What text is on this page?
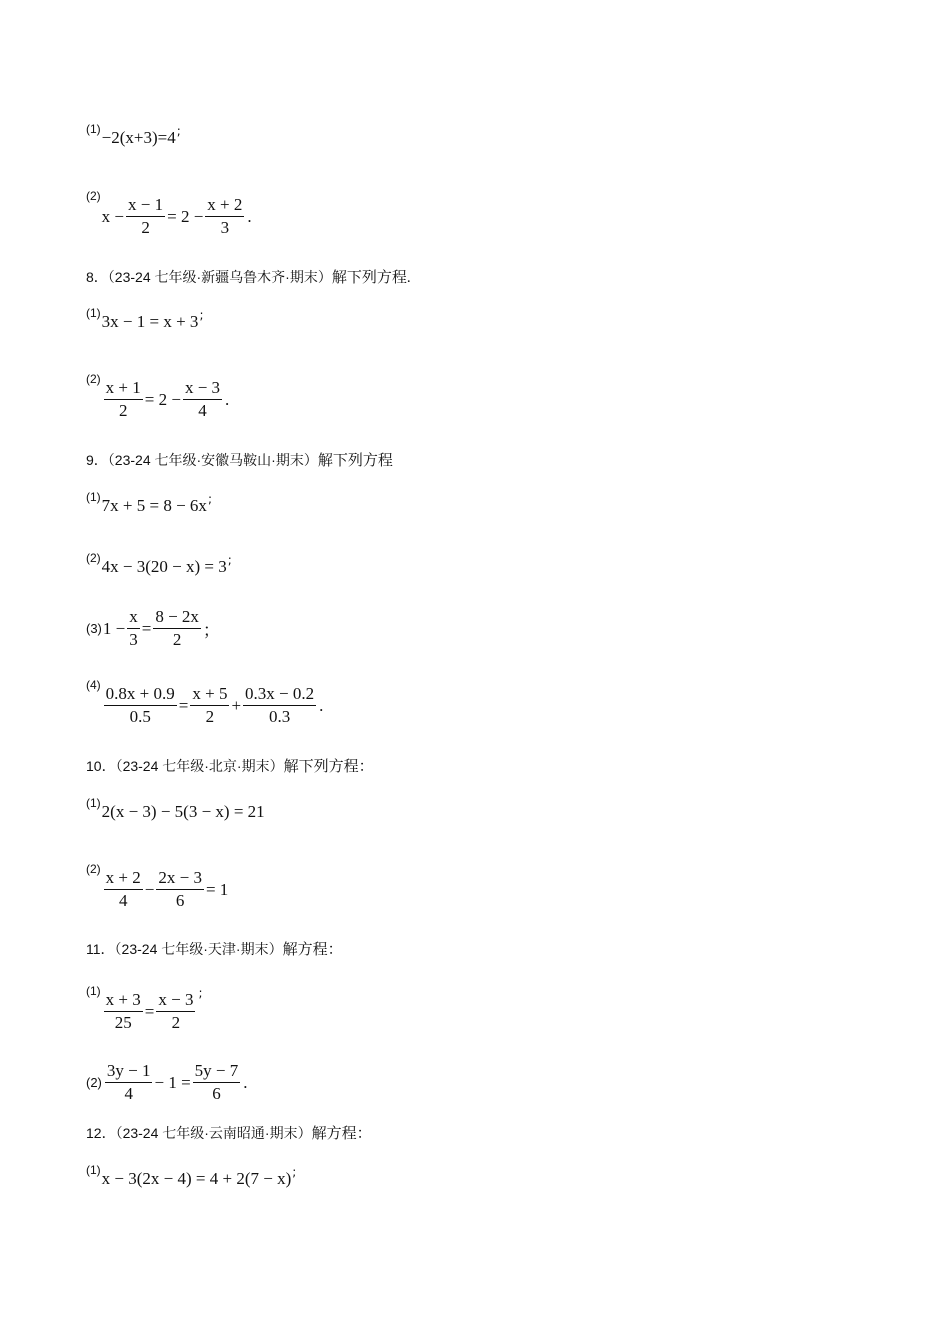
(1) −2(x+3)=4 ;
(2)
$x - \frac{x - 1}{2} = 2 - \frac{x + 2}{3}$ .
8．（23-24 七年级·新疆乌鲁木齐·期末）解下列方程.
(1) 3x − 1 = x + 3 ;
$(2) \frac{x + 1}{2} = 2 - \frac{x - 3}{4}$ .
9．（23-24 七年级·安徽马鞍山·期末）解下列方程
(1) 7x + 5 = 8 − 6x ;
(2) 4x − 3(20 − x) = 3 ;
(3) $1 - \frac{x}{3} = \frac{8 - 2x}{2}$ ；
$(4) \frac{0.8x + 0.9}{0.5} = \frac{x + 5}{2} + \frac{0.3x - 0.2}{0.3}$ .
10．（23-24 七年级·北京·期末）解下列方程：
(1) 2(x − 3) − 5(3 − x) = 21
$(2) \frac{x + 2}{4} - \frac{2x - 3}{6} = 1$
11．（23-24 七年级·天津·期末）解方程：
$(1) \frac{x + 3}{25} = \frac{x - 3}{2}$ ;
$(2) \frac{3y - 1}{4} - 1 = \frac{5y - 7}{6}$ .
12．（23-24 七年级·云南昭通·期末）解方程：
(1) x − 3(2x − 4) = 4 + 2(7 − x) ;
